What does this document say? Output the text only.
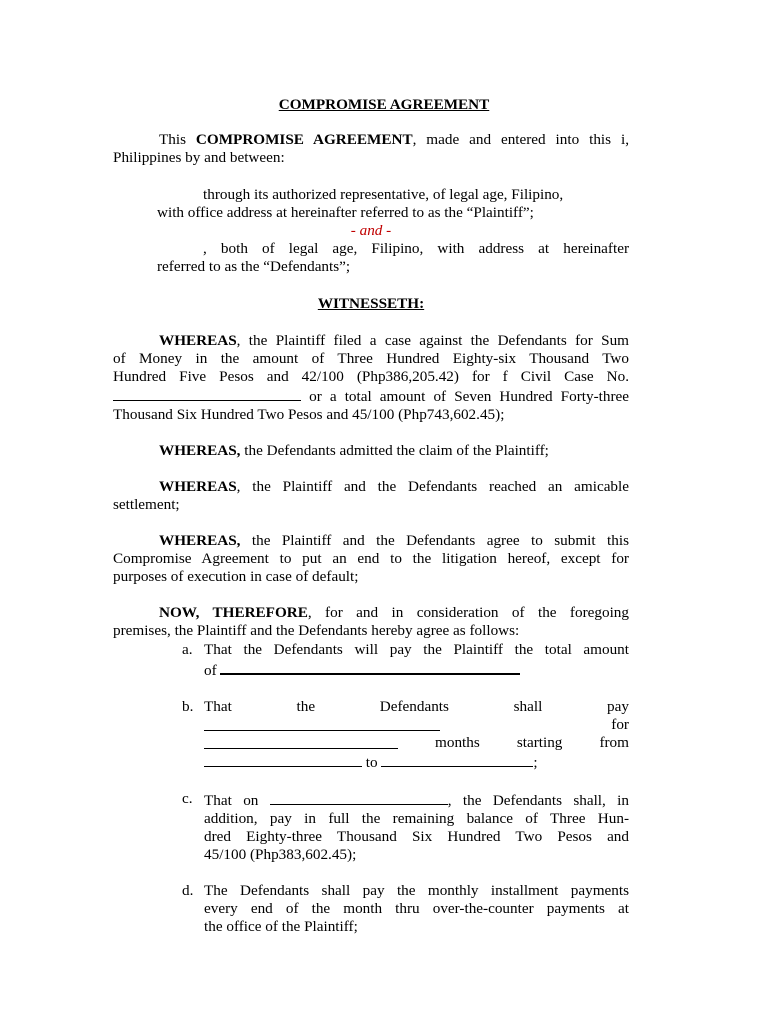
COMPROMISE AGREEMENT

This COMPROMISE AGREEMENT, made and entered into this i,

Philippines by and between:

through its authorized representative, of legal age, Filipino,

with office address at hereinafter referred to as the “Plaintiff”;

- and -

, both of legal age, Filipino, with address at hereinafter

referred to as the “Defendants”;

WITNESSETH:

WHEREAS, the Plaintiff filed a case against the Defendants for Sum

of Money in the amount of Three Hundred Eighty-six Thousand Two

Hundred Five Pesos and 42/100 (Php386,205.42) for f Civil Case No.

or a total amount of Seven Hundred Forty-three

Thousand Six Hundred Two Pesos and 45/100 (Php743,602.45);

WHEREAS, the Defendants admitted the claim of the Plaintiff;

WHEREAS, the Plaintiff and the Defendants reached an amicable

settlement;

WHEREAS, the Plaintiff and the Defendants agree to submit this

Compromise Agreement to put an end to the litigation hereof, except for

purposes of execution in case of default;

NOW, THEREFORE, for and in consideration of the foregoing

premises, the Plaintiff and the Defendants hereby agree as follows:

a. That the Defendants will pay the Plaintiff the total amount

of

b. That	the	Defendants	shall	pay

for

months starting from

to	;

c. That on	, the Defendants shall, in

addition, pay in full the remaining balance of Three Hun-

dred Eighty-three Thousand Six Hundred Two Pesos and

45/100 (Php383,602.45);

d. The Defendants shall pay the monthly installment payments

every end of the month thru over-the-counter payments at

the office of the Plaintiff;
